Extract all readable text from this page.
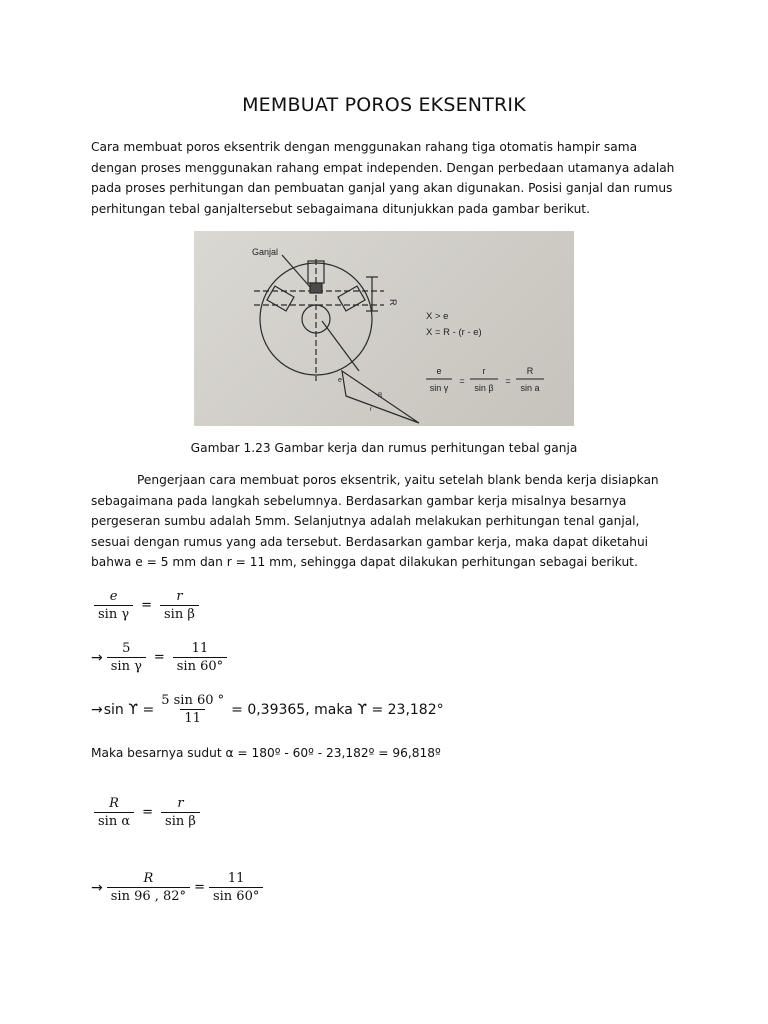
MEMBUAT POROS EKSENTRIK

Cara membuat poros eksentrik dengan menggunakan rahang tiga otomatis hampir sama dengan proses menggunakan rahang empat independen. Dengan perbedaan utamanya adalah pada proses perhitungan dan pembuatan ganjal yang akan digunakan. Posisi ganjal dan rumus perhitungan tebal ganjaltersebut sebagaimana ditunjukkan pada gambar berikut.

Ganjal
R
X > e
X = R - (r - e)
e
sin γ
=
r
sin β
=
R
sin a
e
R
r

Gambar 1.23 Gambar kerja dan rumus perhitungan tebal ganja

Pengerjaan cara membuat poros eksentrik, yaitu setelah blank benda kerja disiapkan sebagaimana pada langkah sebelumnya. Berdasarkan gambar kerja misalnya besarnya pergeseran sumbu adalah 5mm. Selanjutnya adalah melakukan perhitungan tenal ganjal, sesuai dengan rumus yang ada tersebut. Berdasarkan gambar kerja, maka dapat diketahui bahwa e = 5 mm dan r = 11 mm, sehingga dapat dilakukan perhitungan sebagai berikut.

$\frac{e}{\text{sin γ}} = \frac{r}{\text{sin β}}$
→ $\frac{5}{\text{sin γ}} = \frac{11}{\sin 60^\circ}$
→ $\sin ϒ = \frac{5 \sin 60 ^\circ}{11} = 0,39365$, maka ϒ = 23,182°
Maka besarnya sudut α = 180º - 60º - 23,182º = 96,818º
$\frac{R}{\text{sin α}} = \frac{r}{\text{sin β}}$
→ $\frac{R}{\sin 96 , 82^\circ} = \frac{11}{\sin 60^\circ}$
